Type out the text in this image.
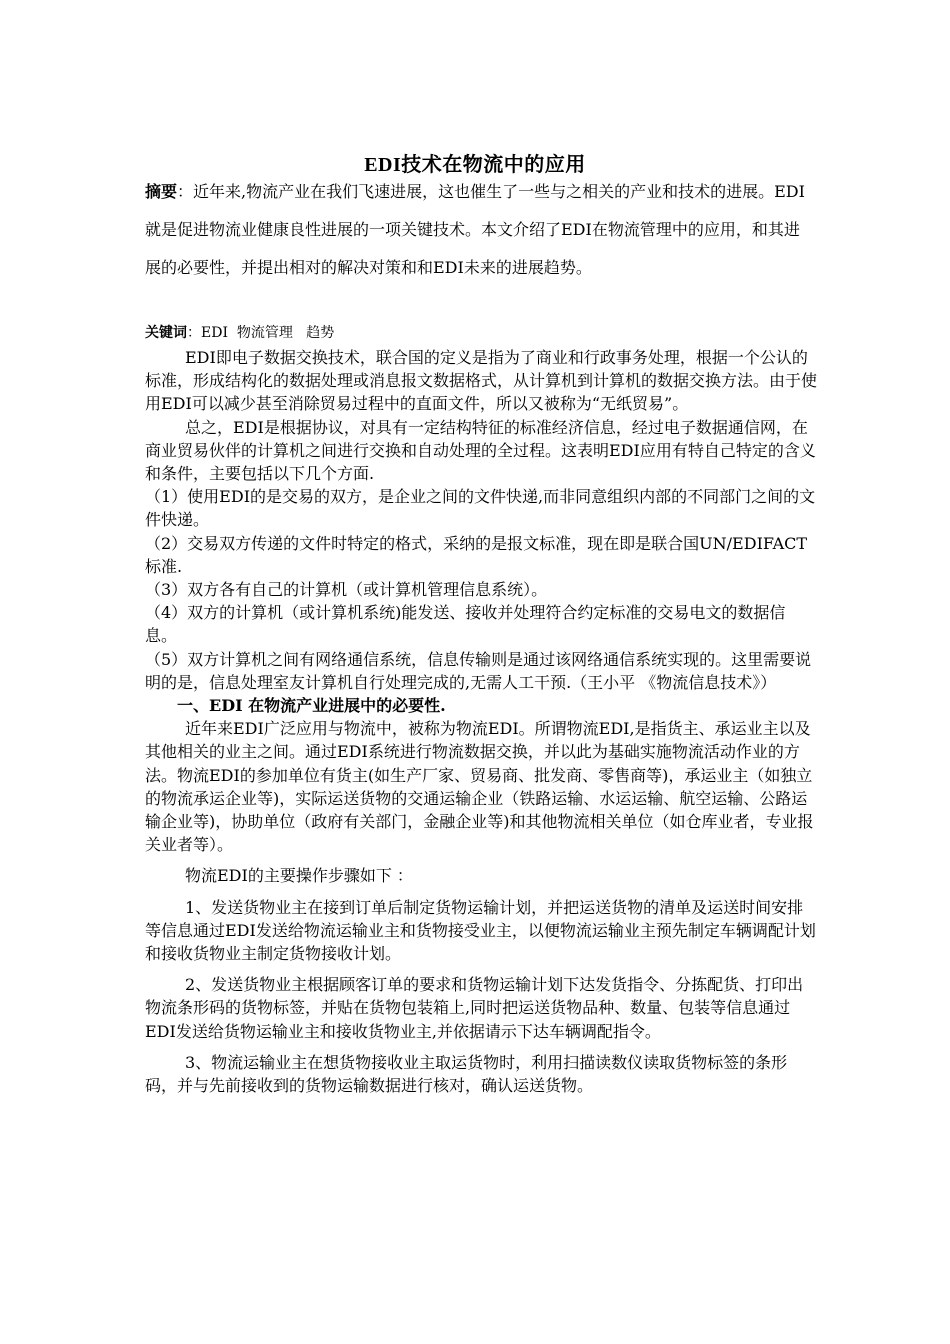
EDI技术在物流中的应用
摘要：近年来,物流产业在我们飞速进展，这也催生了一些与之相关的产业和技术的进展。EDI就是促进物流业健康良性进展的一项关键技术。本文介绍了EDI在物流管理中的应用，和其进展的必要性，并提出相对的解决对策和和EDI未来的进展趋势。
关键词：EDI  物流管理   趋势

EDI即电子数据交换技术，联合国的定义是指为了商业和行政事务处理，根据一个公认的标准，形成结构化的数据处理或消息报文数据格式，从计算机到计算机的数据交换方法。由于使用EDI可以减少甚至消除贸易过程中的直面文件，所以又被称为“无纸贸易”。

总之，EDI是根据协议，对具有一定结构特征的标准经济信息，经过电子数据通信网，在商业贸易伙伴的计算机之间进行交换和自动处理的全过程。这表明EDI应用有特自己特定的含义和条件，主要包括以下几个方面.

（1）使用EDI的是交易的双方，是企业之间的文件快递,而非同意组织内部的不同部门之间的文件快递。

（2）交易双方传递的文件时特定的格式，采纳的是报文标准，现在即是联合国UN/EDIFACT标准.

（3）双方各有自己的计算机（或计算机管理信息系统）。

（4）双方的计算机（或计算机系统)能发送、接收并处理符合约定标准的交易电文的数据信息。

（5）双方计算机之间有网络通信系统，信息传输则是通过该网络通信系统实现的。这里需要说明的是，信息处理室友计算机自行处理完成的,无需人工干预.（王小平 《物流信息技术》）

一、EDI 在物流产业进展中的必要性.

近年来EDI广泛应用与物流中，被称为物流EDI。所谓物流EDI,是指货主、承运业主以及其他相关的业主之间。通过EDI系统进行物流数据交换，并以此为基础实施物流活动作业的方法。物流EDI的参加单位有货主(如生产厂家、贸易商、批发商、零售商等)，承运业主（如独立的物流承运企业等)，实际运送货物的交通运输企业（铁路运输、水运运输、航空运输、公路运输企业等)，协助单位（政府有关部门，金融企业等)和其他物流相关单位（如仓库业者，专业报关业者等）。

物流EDI的主要操作步骤如下 ：

1、发送货物业主在接到订单后制定货物运输计划，并把运送货物的清单及运送时间安排等信息通过EDI发送给物流运输业主和货物接受业主，以便物流运输业主预先制定车辆调配计划和接收货物业主制定货物接收计划。

2、发送货物业主根据顾客订单的要求和货物运输计划下达发货指令、分拣配货、打印出物流条形码的货物标签，并贴在货物包装箱上,同时把运送货物品种、数量、包装等信息通过EDI发送给货物运输业主和接收货物业主,并依据请示下达车辆调配指令。

3、物流运输业主在想货物接收业主取运货物时，利用扫描读数仪读取货物标签的条形码，并与先前接收到的货物运输数据进行核对，确认运送货物。
